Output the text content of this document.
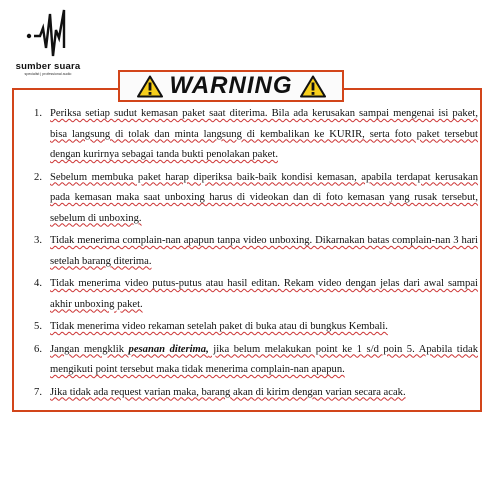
sumber suara
specialist | professional audio	WARNING
1. Periksa setiap sudut kemasan paket saat diterima. Bila ada kerusakan sampai mengenai isi paket, bisa langsung di tolak dan minta langsung di kembalikan ke KURIR, serta foto paket tersebut dengan kurirnya sebagai tanda bukti penolakan paket.
2. Sebelum membuka paket harap diperiksa baik-baik kondisi kemasan, apabila terdapat kerusakan pada kemasan maka saat unboxing harus di videokan dan di foto kemasan yang rusak tersebut, sebelum di unboxing.
3. Tidak menerima complain-nan apapun tanpa video unboxing. Dikarnakan batas complain-nan 3 hari setelah barang diterima.
4. Tidak menerima video putus-putus atau hasil editan. Rekam video dengan jelas dari awal sampai akhir unboxing paket.
5. Tidak menerima video rekaman setelah paket di buka atau di bungkus Kembali.
6. Jangan mengklik pesanan diterima, jika belum melakukan point ke 1 s/d poin 5. Apabila tidak mengikuti point tersebut maka tidak menerima complain-nan apapun.
7. Jika tidak ada request varian maka, barang akan di kirim dengan varian secara acak.
